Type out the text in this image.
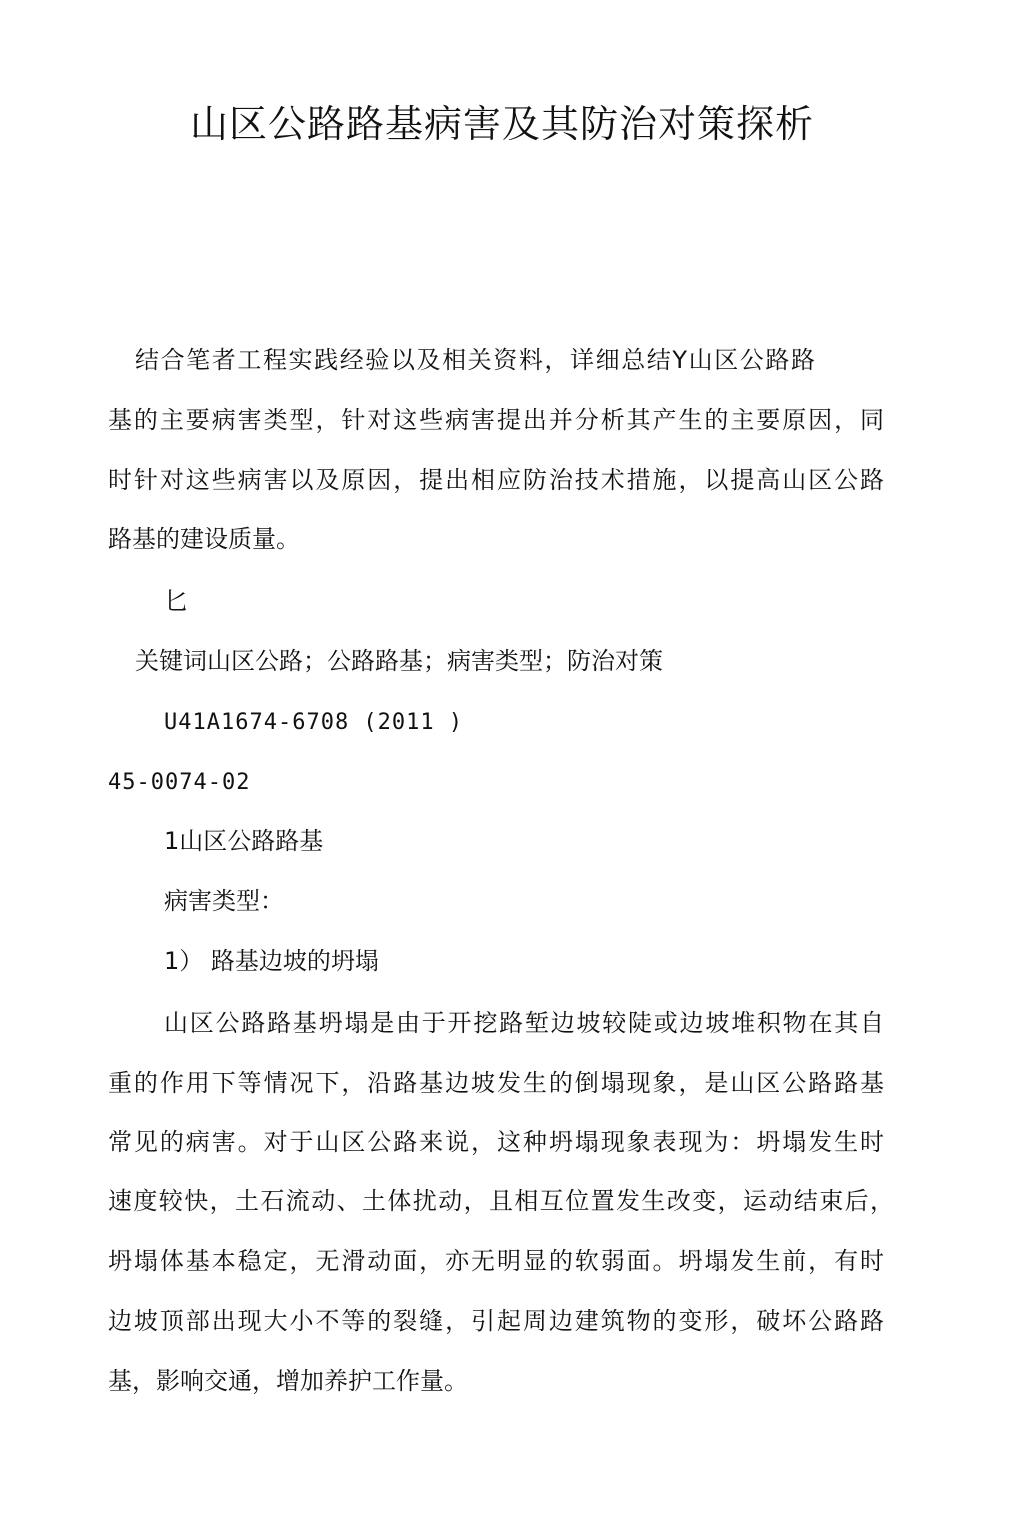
山区公路路基病害及其防治对策探析
结合笔者工程实践经验以及相关资料，详细总结Y山区公路路
基的主要病害类型，针对这些病害提出并分析其产生的主要原因，同
时针对这些病害以及原因，提出相应防治技术措施，以提高山区公路
路基的建设质量。
匕
关键词山区公路；公路路基；病害类型；防治对策
U41A1674-6708 (2011 )
45-0074-02
1山区公路路基
病害类型：
1） 路基边坡的坍塌
山区公路路基坍塌是由于开挖路堑边坡较陡或边坡堆积物在其自
重的作用下等情况下，沿路基边坡发生的倒塌现象，是山区公路路基
常见的病害。对于山区公路来说，这种坍塌现象表现为：坍塌发生时
速度较快，土石流动、土体扰动，且相互位置发生改变，运动结束后，
坍塌体基本稳定，无滑动面，亦无明显的软弱面。坍塌发生前，有时
边坡顶部出现大小不等的裂缝，引起周边建筑物的变形，破坏公路路
基，影响交通，增加养护工作量。
